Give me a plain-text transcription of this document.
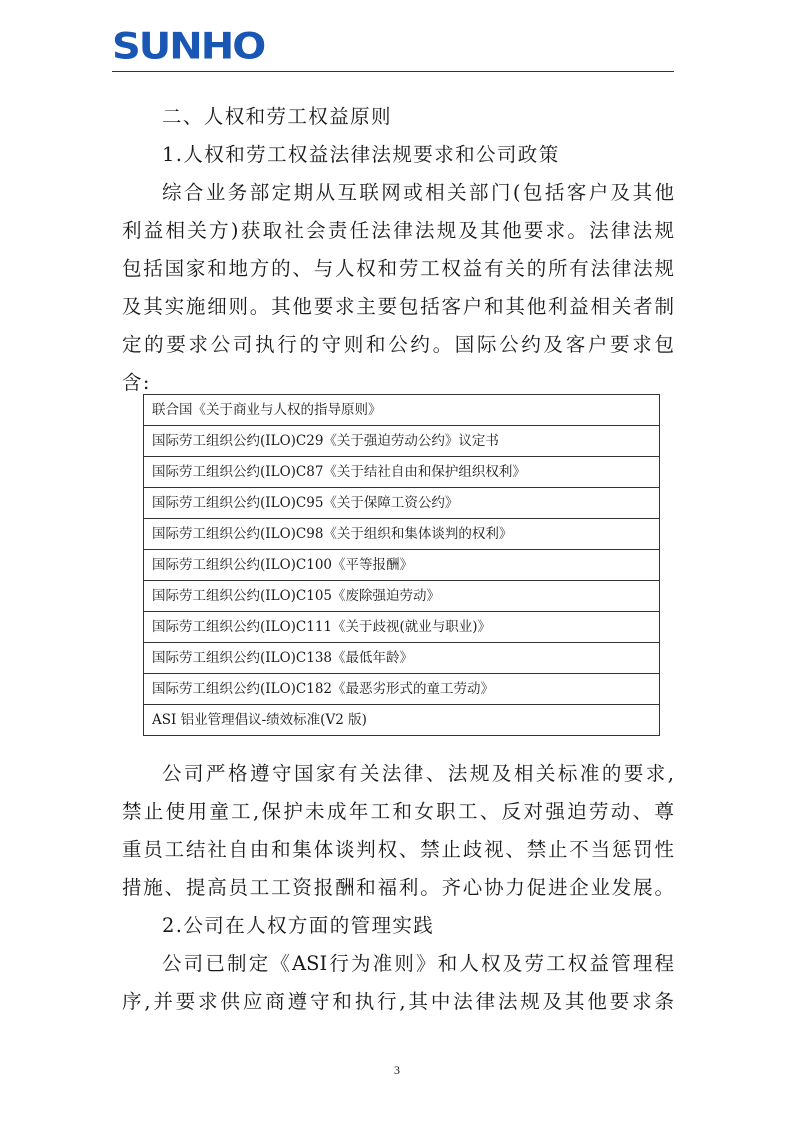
SUNHO
二、人权和劳工权益原则
1.人权和劳工权益法律法规要求和公司政策
综合业务部定期从互联网或相关部门(包括客户及其他
利益相关方)获取社会责任法律法规及其他要求。法律法规
包括国家和地方的、与人权和劳工权益有关的所有法律法规
及其实施细则。其他要求主要包括客户和其他利益相关者制
定的要求公司执行的守则和公约。国际公约及客户要求包
含:
联合国《关于商业与人权的指导原则》
国际劳工组织公约(ILO)C29《关于强迫劳动公约》议定书
国际劳工组织公约(ILO)C87《关于结社自由和保护组织权利》
国际劳工组织公约(ILO)C95《关于保障工资公约》
国际劳工组织公约(ILO)C98《关于组织和集体谈判的权利》
国际劳工组织公约(ILO)C100《平等报酬》
国际劳工组织公约(ILO)C105《废除强迫劳动》
国际劳工组织公约(ILO)C111《关于歧视(就业与职业)》
国际劳工组织公约(ILO)C138《最低年龄》
国际劳工组织公约(ILO)C182《最恶劣形式的童工劳动》
ASI 铝业管理倡议-绩效标准(V2 版)
公司严格遵守国家有关法律、法规及相关标准的要求,
禁止使用童工,保护未成年工和女职工、反对强迫劳动、尊
重员工结社自由和集体谈判权、禁止歧视、禁止不当惩罚性
措施、提高员工工资报酬和福利。齐心协力促进企业发展。
2.公司在人权方面的管理实践
公司已制定《ASI行为准则》和人权及劳工权益管理程
序,并要求供应商遵守和执行,其中法律法规及其他要求条
3
